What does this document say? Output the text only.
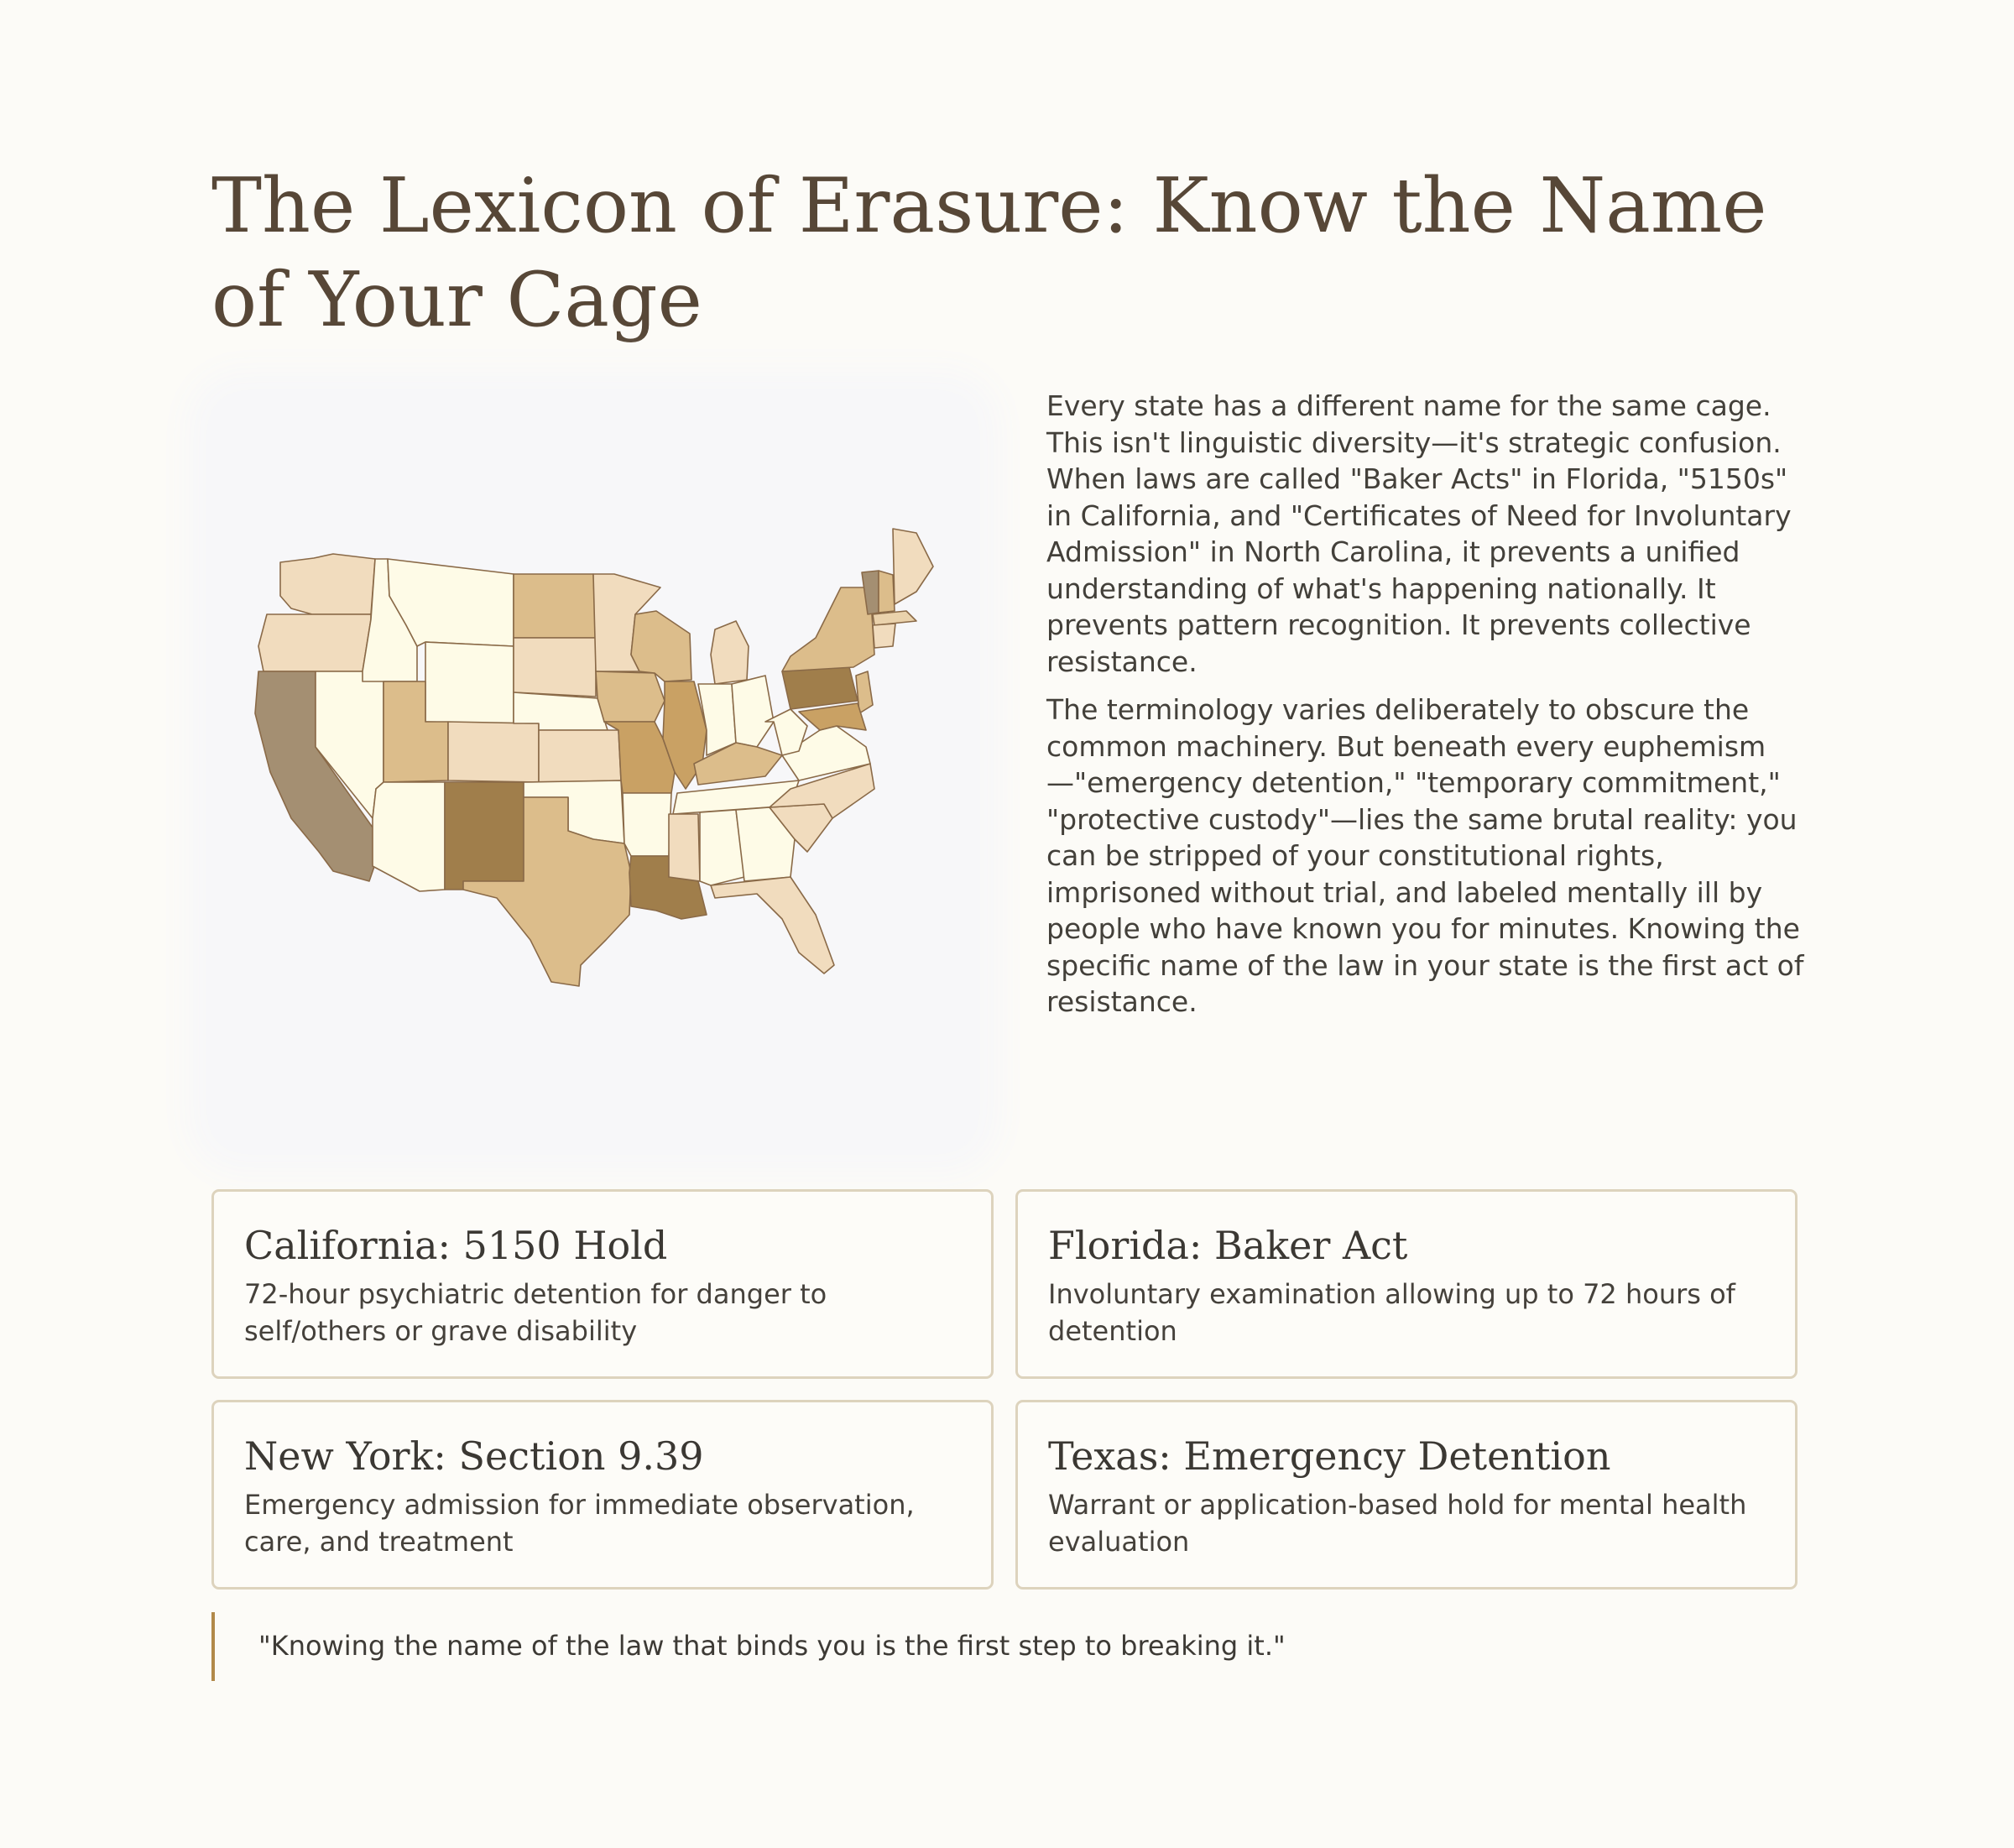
The Lexicon of Erasure: Know the Name of Your Cage

Every state has a different name for the same cage. This isn't linguistic diversity—it's strategic confusion. When laws are called "Baker Acts" in Florida, "5150s" in California, and "Certificates of Need for Involuntary Admission" in North Carolina, it prevents a unified understanding of what's happening nationally. It prevents pattern recognition. It prevents collective resistance.

The terminology varies deliberately to obscure the common machinery. But beneath every euphemism—"emergency detention," "temporary commitment," "protective custody"—lies the same brutal reality: you can be stripped of your constitutional rights, imprisoned without trial, and labeled mentally ill by people who have known you for minutes. Knowing the specific name of the law in your state is the first act of resistance.

California: 5150 Hold
72-hour psychiatric detention for danger to self/others or grave disability
Florida: Baker Act
Involuntary examination allowing up to 72 hours of detention
New York: Section 9.39
Emergency admission for immediate observation, care, and treatment
Texas: Emergency Detention
Warrant or application-based hold for mental health evaluation
"Knowing the name of the law that binds you is the first step to breaking it."
